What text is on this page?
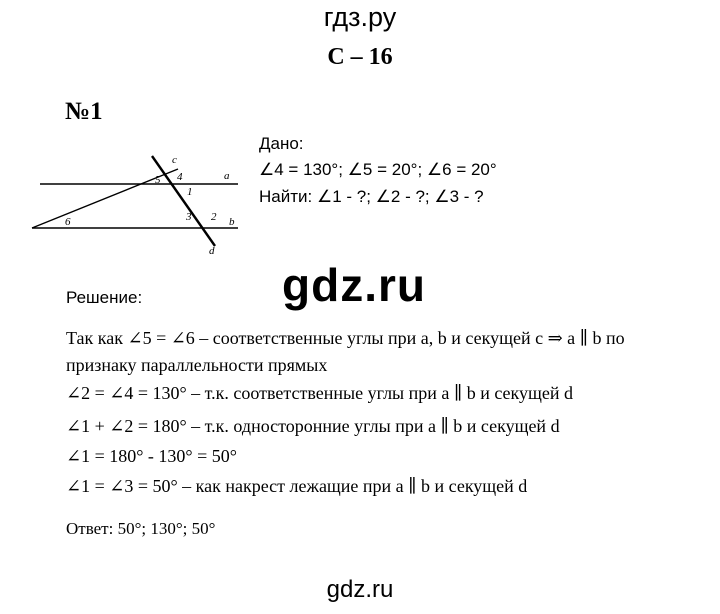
гдз.ру
С – 16
№1
c
a
b
d
1
2
3
4
5
6
Дано:
∠4 = 130°; ∠5 = 20°; ∠6 = 20°
Найти: ∠1 - ?; ∠2 - ?; ∠3 - ?
Решение:	gdz.ru
Так как ∠5 = ∠6 – соответственные углы при a, b и секущей c ⇒ a ∥ b по
признаку параллельности прямых
∠2 = ∠4 = 130° – т.к. соответственные углы при a ∥ b и секущей d
∠1 + ∠2 = 180° – т.к. односторонние углы при a ∥ b и секущей d
∠1 = 180° - 130° = 50°
∠1 = ∠3 = 50° – как накрест лежащие при a ∥ b и секущей d
Ответ: 50°; 130°; 50°
gdz.ru
